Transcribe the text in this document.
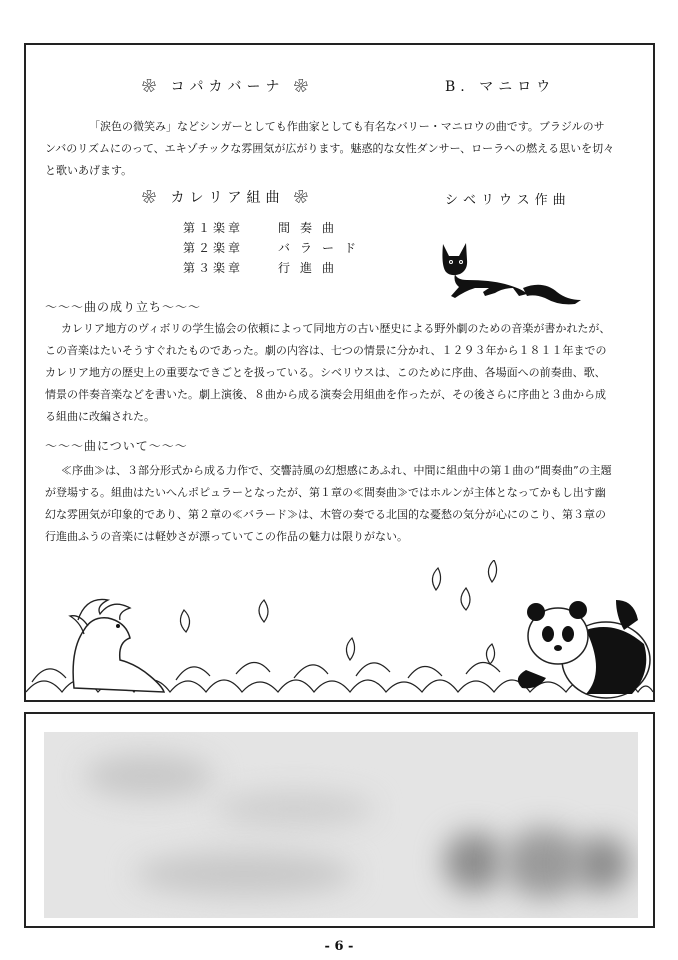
❀ コパカバーナ ❀	B. マニロウ

「涙色の微笑み」などシンガーとしても作曲家としても有名なバリー・マニロウの曲です。ブラジルのサンバのリズムにのって、エキゾチックな雰囲気が広がります。魅惑的な女性ダンサー、ローラへの燃える思いを切々と歌いあげます。

❀ カレリア組曲 ❀	シベリウス作曲
第１楽章	間奏曲
第２楽章	バラード
第３楽章	行進曲
～～～曲の成り立ち～～～

カレリア地方のヴィボリの学生協会の依頼によって同地方の古い歴史による野外劇のための音楽が書かれたが、この音楽はたいそうすぐれたものであった。劇の内容は、七つの情景に分かれ、１２９３年から１８１１年までのカレリア地方の歴史上の重要なできごとを扱っている。シベリウスは、このために序曲、各場面への前奏曲、歌、情景の伴奏音楽などを書いた。劇上演後、８曲から成る演奏会用組曲を作ったが、その後さらに序曲と３曲から成る組曲に改編された。

～～～曲について～～～

≪序曲≫は、３部分形式から成る力作で、交響詩風の幻想感にあふれ、中間に組曲中の第１曲の“間奏曲”の主題が登場する。組曲はたいへんポピュラーとなったが、第１章の≪間奏曲≫ではホルンが主体となってかもし出す幽幻な雰囲気が印象的であり、第２章の≪バラード≫は、木管の奏でる北国的な憂愁の気分が心にのこり、第３章の行進曲ふうの音楽には軽妙さが漂っていてこの作品の魅力は限りがない。

- 6 -
